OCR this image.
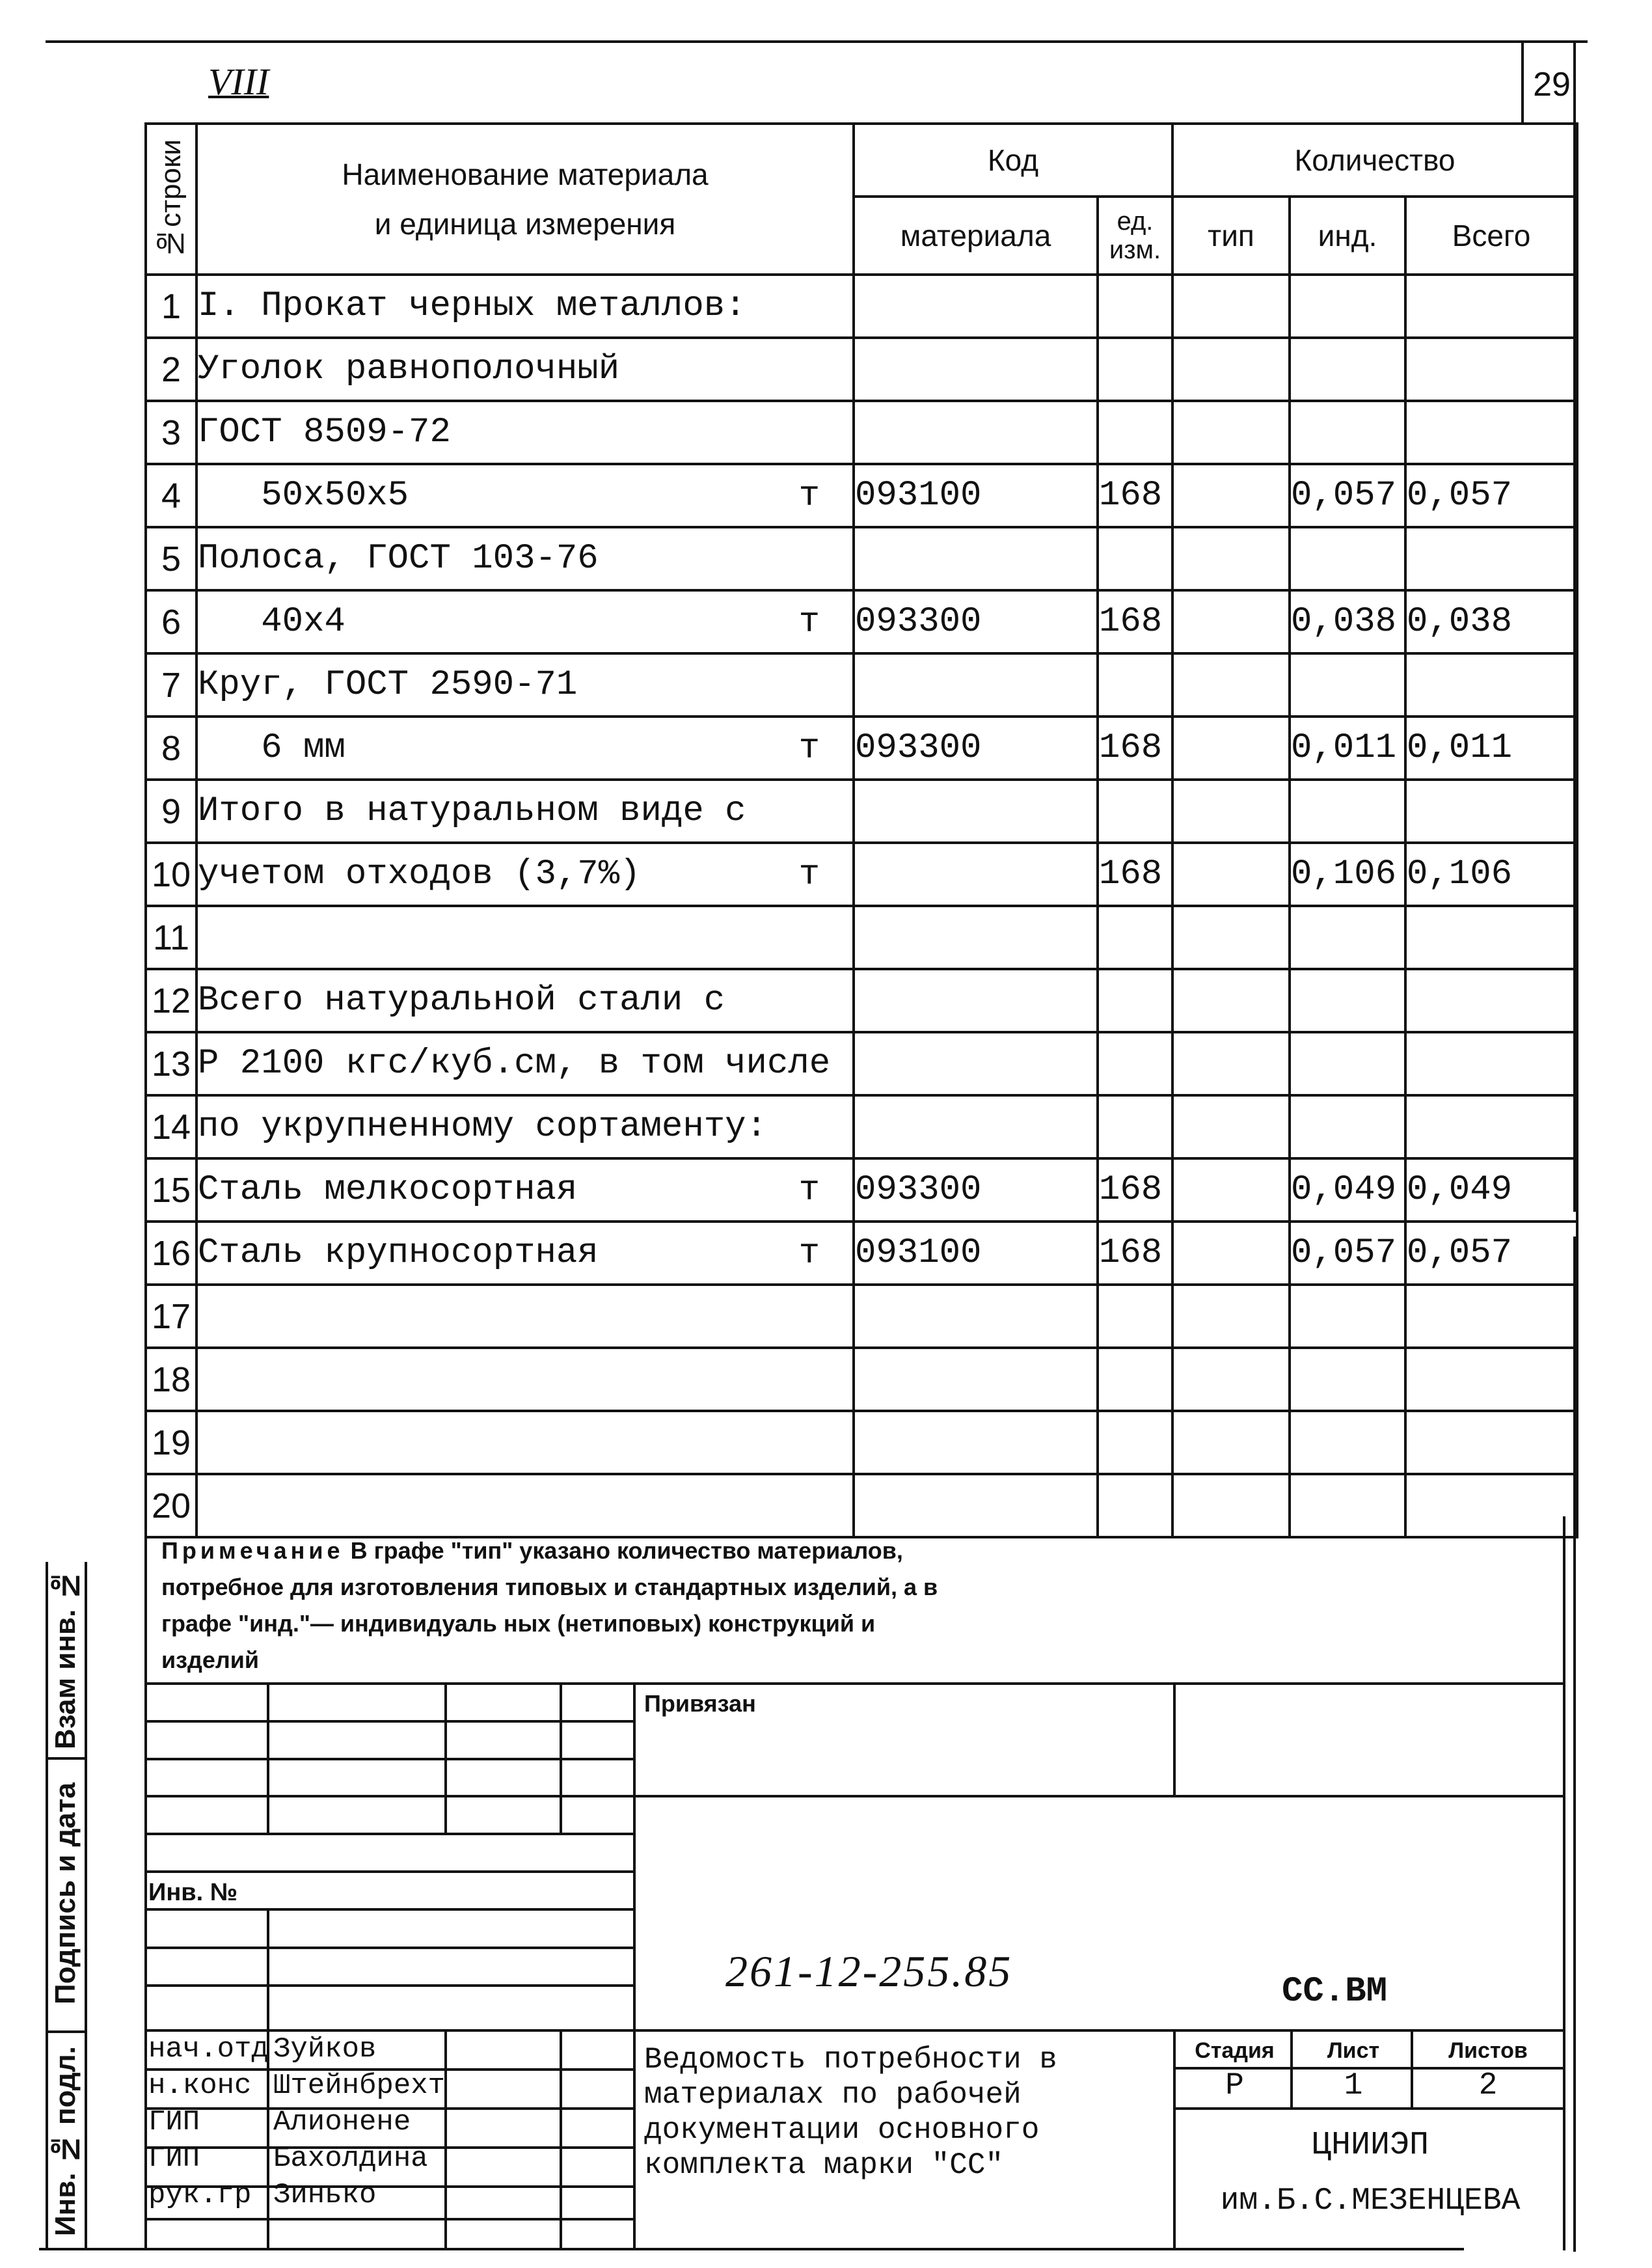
29
VIII
№строки	Наименование материала
и единица измерения	Код		Количество		
		материала	ед. изм.	тип	инд.	Всего
1	I. Прокат черных металлов:

2	Уголок равнополочный

3	ГОСТ 8509-72

4	50x50x5 т	093100	168		0,057	0,057
5	Полоса, ГОСТ 103-76

6	40x4 т	093300	168		0,038	0,038
7	Круг, ГОСТ 2590-71

8	6 мм т	093300	168		0,011	0,011
9	Итого в натуральном виде с

10	учетом отходов (3,7%) т		168		0,106	0,106
11	

12	Всего натуральной стали с

13	Р 2100 кгс/куб.см, в том числе

14	по укрупненному сортаменту:

15	Сталь мелкосортная т	093300	168		0,049	0,049
16	Сталь крупносортная т	093100	168		0,057	0,057
17	

18	

19	

20	

Примечание В графе "тип" указано количество материалов, потребное для изготовления типовых и стандартных изделий, а в графе "инд."— индивидуаль ных (нетиповых) конструкций и изделий
Взам инв. №
Подпись и дата
Инв. № подл.
Привязан
Инв. №
261-12-255.85	СС.ВМ
нач.отд Зуйков
н.конс Штейнбрехт
ГИП	Алионене
ГИП	Бахолдина
рук.гр Зинько
Ведомость потребности в материалах по рабочей документации основного комплекта марки "СС"
Стадия	Лист	Листов
Р	1	2
ЦНИИЭП
им.Б.С.МЕЗЕНЦЕВА
